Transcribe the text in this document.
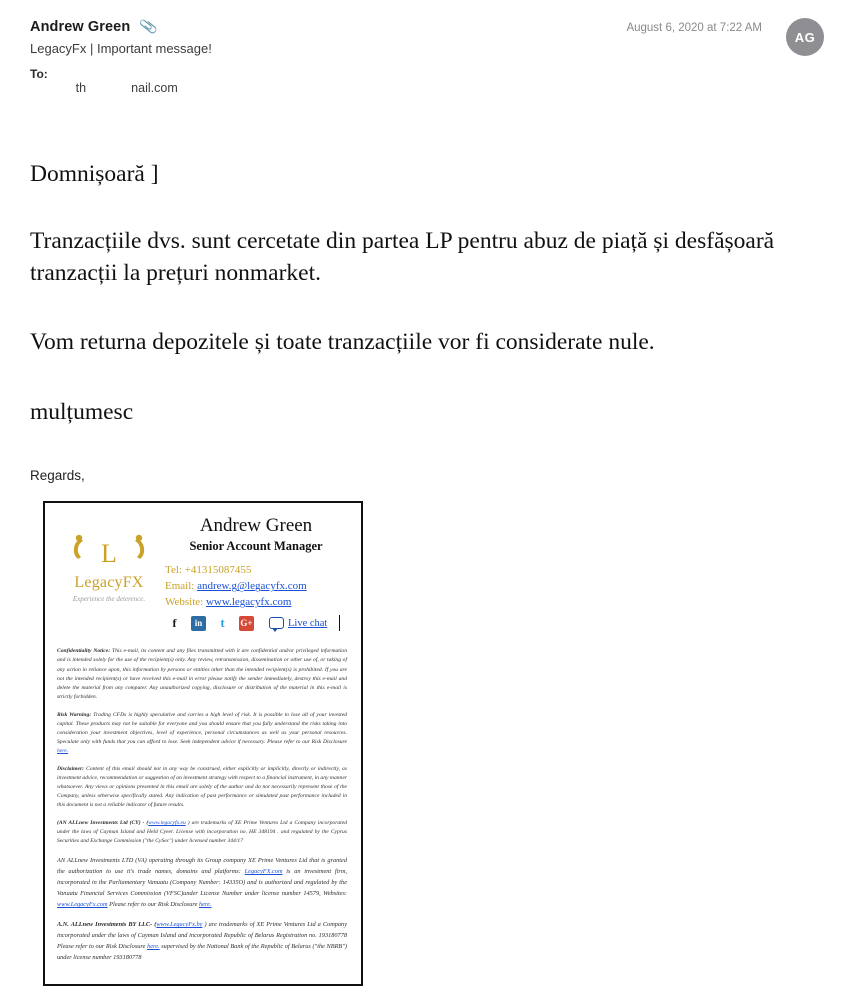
Andrew Green 📎	August 6, 2020 at 7:22 AM
AG
LegacyFx | Important message!
To:

th             nail.com

Domnișoară ]

Tranzacțiile dvs. sunt cercetate din partea LP pentru abuz de piață și desfășoară tranzacții la prețuri nonmarket.

Vom returna depozitele și toate tranzacțiile vor fi considerate nule.

mulțumesc

Regards,
L
LegacyFX
Experience the deterence.
Andrew Green
Senior Account Manager
Tel: +41315087455
Email: andrew.g@legacyfx.com
Website: www.legacyfx.com
f	in	t	G+	Live chat

Confidentiality Notice: This e-mail, its content and any files transmitted with it are confidential and/or privileged information and is intended solely for the use of the recipient(s) only. Any review, retransmission, dissemination or other use of, or taking of any action in reliance upon, this information by persons or entities other than the intended recipient(s) is prohibited. If you are not the intended recipient(s) or have received this e-mail in error please notify the sender immediately, destroy this e-mail and delete the material from any computer. Any unauthorized copying, disclosure or distribution of the material in this e-mail is strictly forbidden.

Risk Warning: Trading CFDs is highly speculative and carries a high level of risk. It is possible to lose all of your invested capital. These products may not be suitable for everyone and you should ensure that you fully understand the risks taking into consideration your investment objectives, level of experience, personal circumstances as well as your personal resources. Speculate only with funds that you can afford to lose. Seek independent advice if necessary. Please refer to our Risk Disclosure here.

Disclaimer: Content of this email should not in any way be construed, either explicitly or implicitly, directly or indirectly, as investment advice, recommendation or suggestion of an investment strategy with respect to a financial instrument, in any manner whatsoever. Any views or opinions presented in this email are solely of the author and do not necessarily represent those of the Company, unless otherwise specifically stated. Any indication of past performance or simulated past performance included in this document is not a reliable indicator of future results.

(AN ALLnew Investments Ltd (CY) - (www.legacyfx.eu ) are trademarks of XE Prime Ventures Ltd a Company incorporated under the laws of Cayman Island and Held Cyeer. License with incorporation no. HE 348194 . and regulated by the Cyprus Securities and Exchange Commission ("the CySec") under licensed number 344/17

AN ALLnew Investments LTD (VA) operating through its Group company XE Prime Ventures Ltd that is granted the authorization to use it's trade names, domains and platforms: LegacyFX.com is an investment firm, incorporated in the Parliamentary Vanuatu (Company Number: 14335O) and is authorized and regulated by the Vanuatu Financial Services Commission (VFSC)under License Number under license number 14579, Websites: www.LegacyFx.com Please refer to our Risk Disclosure here.

A.N. ALLnew Investments BY LLC- (www.LegacyFx.by ) are trademarks of XE Prime Ventures Ltd a Company incorporated under the laws of Cayman Island and incorporated Republic of Belarus Registration no. 193180778 Please refer to our Risk Disclosure here. supervised by the National Bank of the Republic of Belarus ("the NBRB") under license number 193180778
